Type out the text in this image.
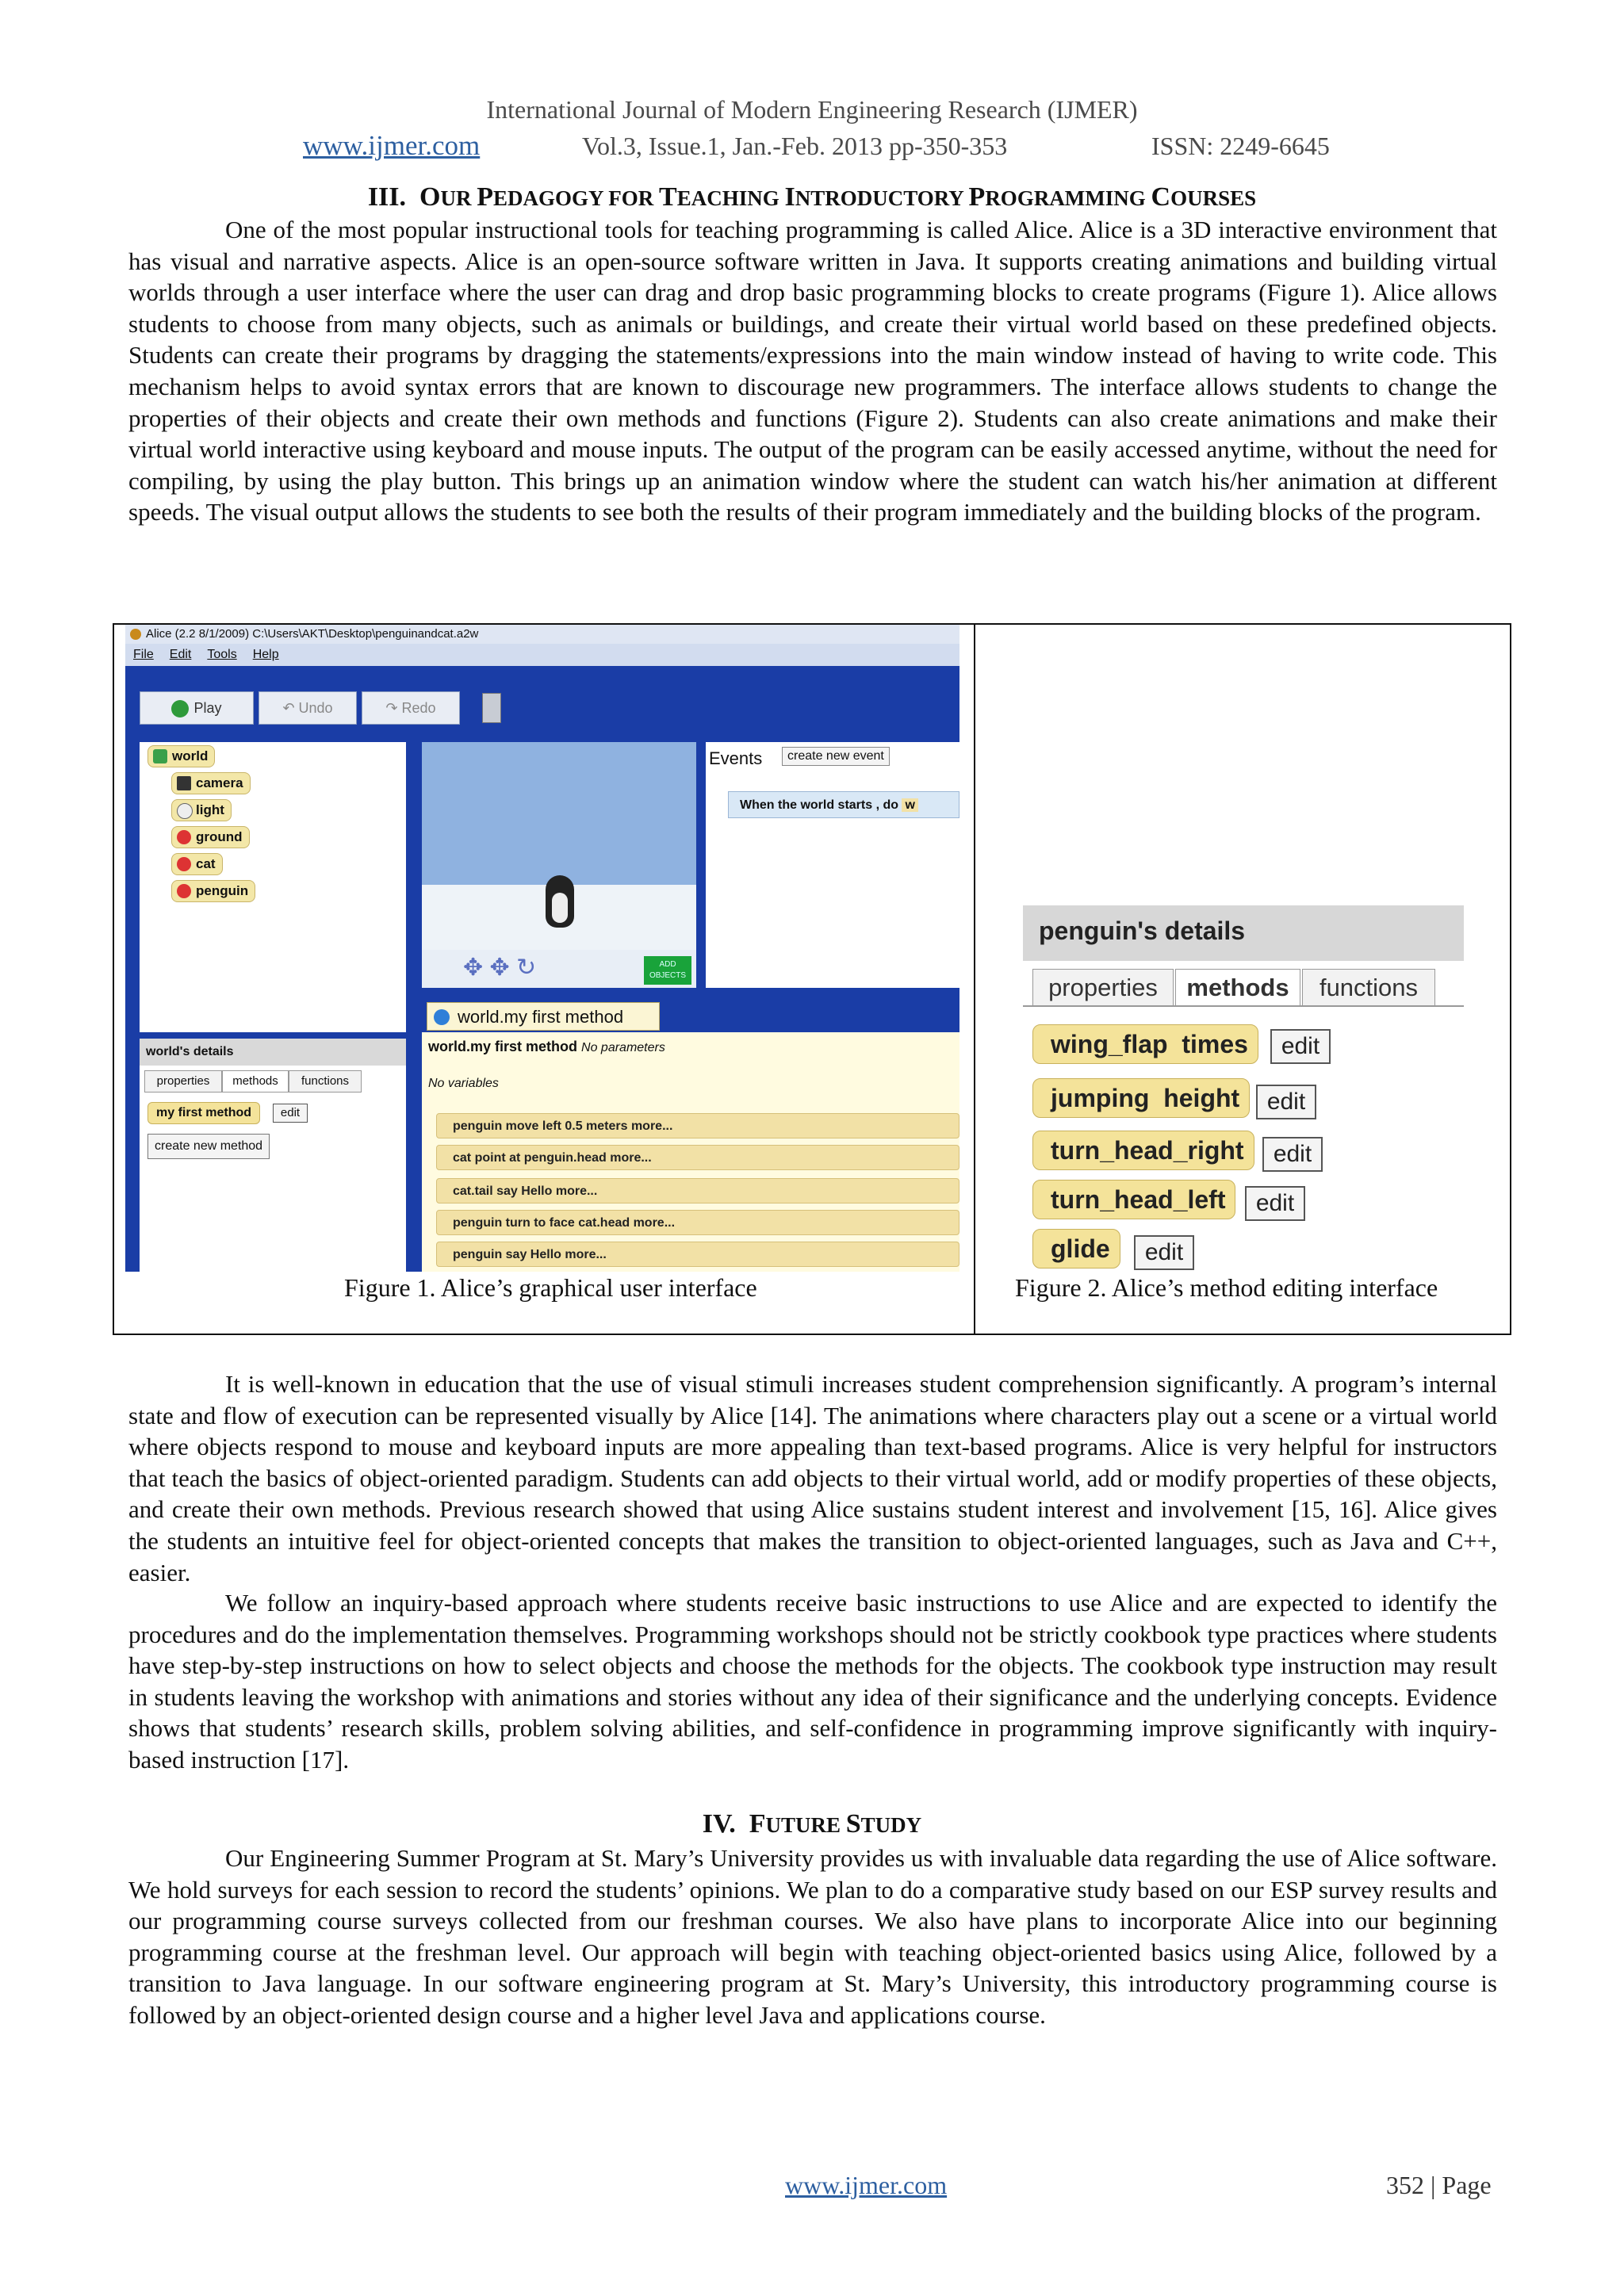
International Journal of Modern Engineering Research (IJMER)
www.ijmer.com	Vol.3, Issue.1, Jan.-Feb. 2013 pp-350-353	ISSN: 2249-6645
III. OUR PEDAGOGY FOR TEACHING INTRODUCTORY PROGRAMMING COURSES

One of the most popular instructional tools for teaching programming is called Alice. Alice is a 3D interactive environment that has visual and narrative aspects. Alice is an open-source software written in Java. It supports creating animations and building virtual worlds through a user interface where the user can drag and drop basic programming blocks to create programs (Figure 1). Alice allows students to choose from many objects, such as animals or buildings, and create their virtual world based on these predefined objects. Students can create their programs by dragging the statements/expressions into the main window instead of having to write code. This mechanism helps to avoid syntax errors that are known to discourage new programmers. The interface allows students to change the properties of their objects and create their own methods and functions (Figure 2). Students can also create animations and make their virtual world interactive using keyboard and mouse inputs. The output of the program can be easily accessed anytime, without the need for compiling, by using the play button. This brings up an animation window where the student can watch his/her animation at different speeds. The visual output allows the students to see both the results of their program immediately and the building blocks of the program.

Alice (2.2 8/1/2009) C:\Users\AKT\Desktop\penguinandcat.a2w
File Edit Tools Help
Play	↶ Undo	↷ Redo
world
camera
light
ground
cat
penguin
✥ ✥ ↻	ADD OBJECTS
Events	create new event
When the world starts , do w
world.my first method
world.my first method No parameters
No variables
penguin move left 0.5 meters more...
cat point at penguin.head more...
cat.tail say Hello more...
penguin turn to face cat.head more...
penguin say Hello more...
world's details
properties	methods	functions
my first method	edit
create new method
penguin's details
properties	methods	functions
wing_flap times	edit
jumping height	edit
turn_head_right	edit
turn_head_left	edit
glide	edit
Figure 1. Alice’s graphical user interface	Figure 2. Alice’s method editing interface

It is well-known in education that the use of visual stimuli increases student comprehension significantly. A program’s internal state and flow of execution can be represented visually by Alice [14]. The animations where characters play out a scene or a virtual world where objects respond to mouse and keyboard inputs are more appealing than text-based programs. Alice is very helpful for instructors that teach the basics of object-oriented paradigm. Students can add objects to their virtual world, add or modify properties of these objects, and create their own methods. Previous research showed that using Alice sustains student interest and involvement [15, 16]. Alice gives the students an intuitive feel for object-oriented concepts that makes the transition to object-oriented languages, such as Java and C++, easier.

We follow an inquiry-based approach where students receive basic instructions to use Alice and are expected to identify the procedures and do the implementation themselves. Programming workshops should not be strictly cookbook type practices where students have step-by-step instructions on how to select objects and choose the methods for the objects. The cookbook type instruction may result in students leaving the workshop with animations and stories without any idea of their significance and the underlying concepts. Evidence shows that students’ research skills, problem solving abilities, and self-confidence in programming improve significantly with inquiry-based instruction [17].

IV. FUTURE STUDY

Our Engineering Summer Program at St. Mary’s University provides us with invaluable data regarding the use of Alice software. We hold surveys for each session to record the students’ opinions. We plan to do a comparative study based on our ESP survey results and our programming course surveys collected from our freshman courses. We also have plans to incorporate Alice into our beginning programming course at the freshman level. Our approach will begin with teaching object-oriented basics using Alice, followed by a transition to Java language. In our software engineering program at St. Mary’s University, this introductory programming course is followed by an object-oriented design course and a higher level Java and applications course.

www.ijmer.com	352 | Page
